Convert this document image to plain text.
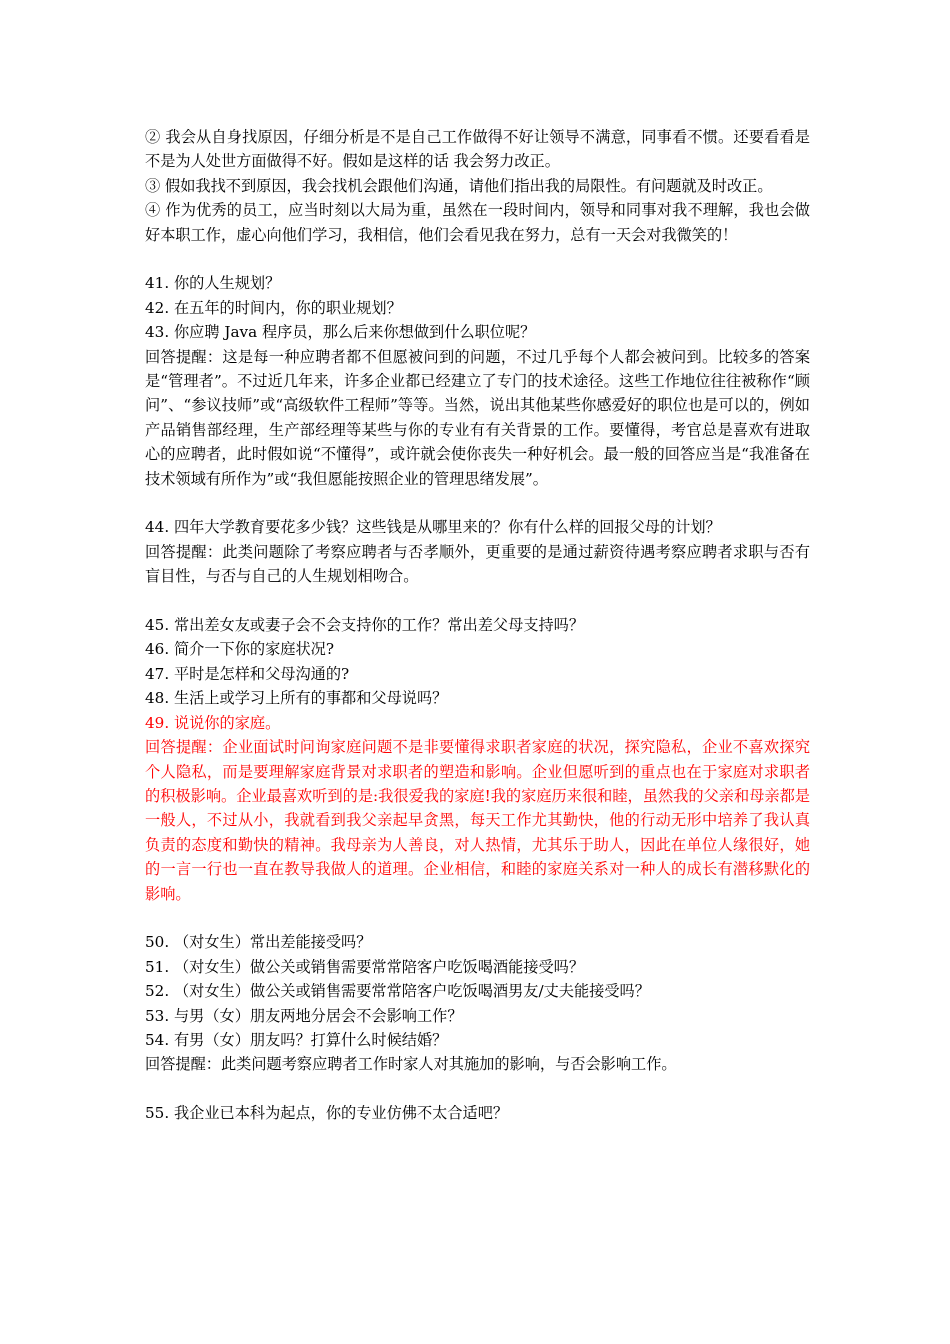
② 我会从自身找原因，仔细分析是不是自己工作做得不好让领导不满意，同事看不惯。还要看看是不是为人处世方面做得不好。假如是这样的话 我会努力改正。

③ 假如我找不到原因，我会找机会跟他们沟通，请他们指出我的局限性。有问题就及时改正。

④ 作为优秀的员工，应当时刻以大局为重，虽然在一段时间内，领导和同事对我不理解，我也会做好本职工作，虚心向他们学习，我相信，他们会看见我在努力，总有一天会对我微笑的！

41. 你的人生规划？

42. 在五年的时间内，你的职业规划？

43. 你应聘 Java 程序员，那么后来你想做到什么职位呢？

回答提醒：这是每一种应聘者都不但愿被问到的问题，不过几乎每个人都会被问到。比较多的答案是“管理者”。不过近几年来，许多企业都已经建立了专门的技术途径。这些工作地位往往被称作“顾问”、“参议技师”或“高级软件工程师”等等。当然，说出其他某些你感爱好的职位也是可以的，例如产品销售部经理，生产部经理等某些与你的专业有有关背景的工作。要懂得，考官总是喜欢有进取心的应聘者，此时假如说“不懂得”，或许就会使你丧失一种好机会。最一般的回答应当是“我准备在技术领域有所作为”或“我但愿能按照企业的管理思绪发展”。

44. 四年大学教育要花多少钱？这些钱是从哪里来的？你有什么样的回报父母的计划？

回答提醒：此类问题除了考察应聘者与否孝顺外，更重要的是通过薪资待遇考察应聘者求职与否有盲目性，与否与自己的人生规划相吻合。

45. 常出差女友或妻子会不会支持你的工作？常出差父母支持吗？

46. 简介一下你的家庭状况?

47. 平时是怎样和父母沟通的?

48. 生活上或学习上所有的事都和父母说吗？

49. 说说你的家庭。

回答提醒：企业面试时问询家庭问题不是非要懂得求职者家庭的状况，探究隐私，企业不喜欢探究个人隐私，而是要理解家庭背景对求职者的塑造和影响。企业但愿听到的重点也在于家庭对求职者的积极影响。企业最喜欢听到的是:我很爱我的家庭!我的家庭历来很和睦，虽然我的父亲和母亲都是一般人，不过从小，我就看到我父亲起早贪黑，每天工作尤其勤快，他的行动无形中培养了我认真负责的态度和勤快的精神。我母亲为人善良，对人热情，尤其乐于助人，因此在单位人缘很好，她的一言一行也一直在教导我做人的道理。企业相信，和睦的家庭关系对一种人的成长有潜移默化的影响。

50. （对女生）常出差能接受吗？

51. （对女生）做公关或销售需要常常陪客户吃饭喝酒能接受吗？

52. （对女生）做公关或销售需要常常陪客户吃饭喝酒男友/丈夫能接受吗？

53. 与男（女）朋友两地分居会不会影响工作？

54. 有男（女）朋友吗？打算什么时候结婚？

回答提醒：此类问题考察应聘者工作时家人对其施加的影响，与否会影响工作。

55. 我企业已本科为起点，你的专业仿佛不太合适吧？
